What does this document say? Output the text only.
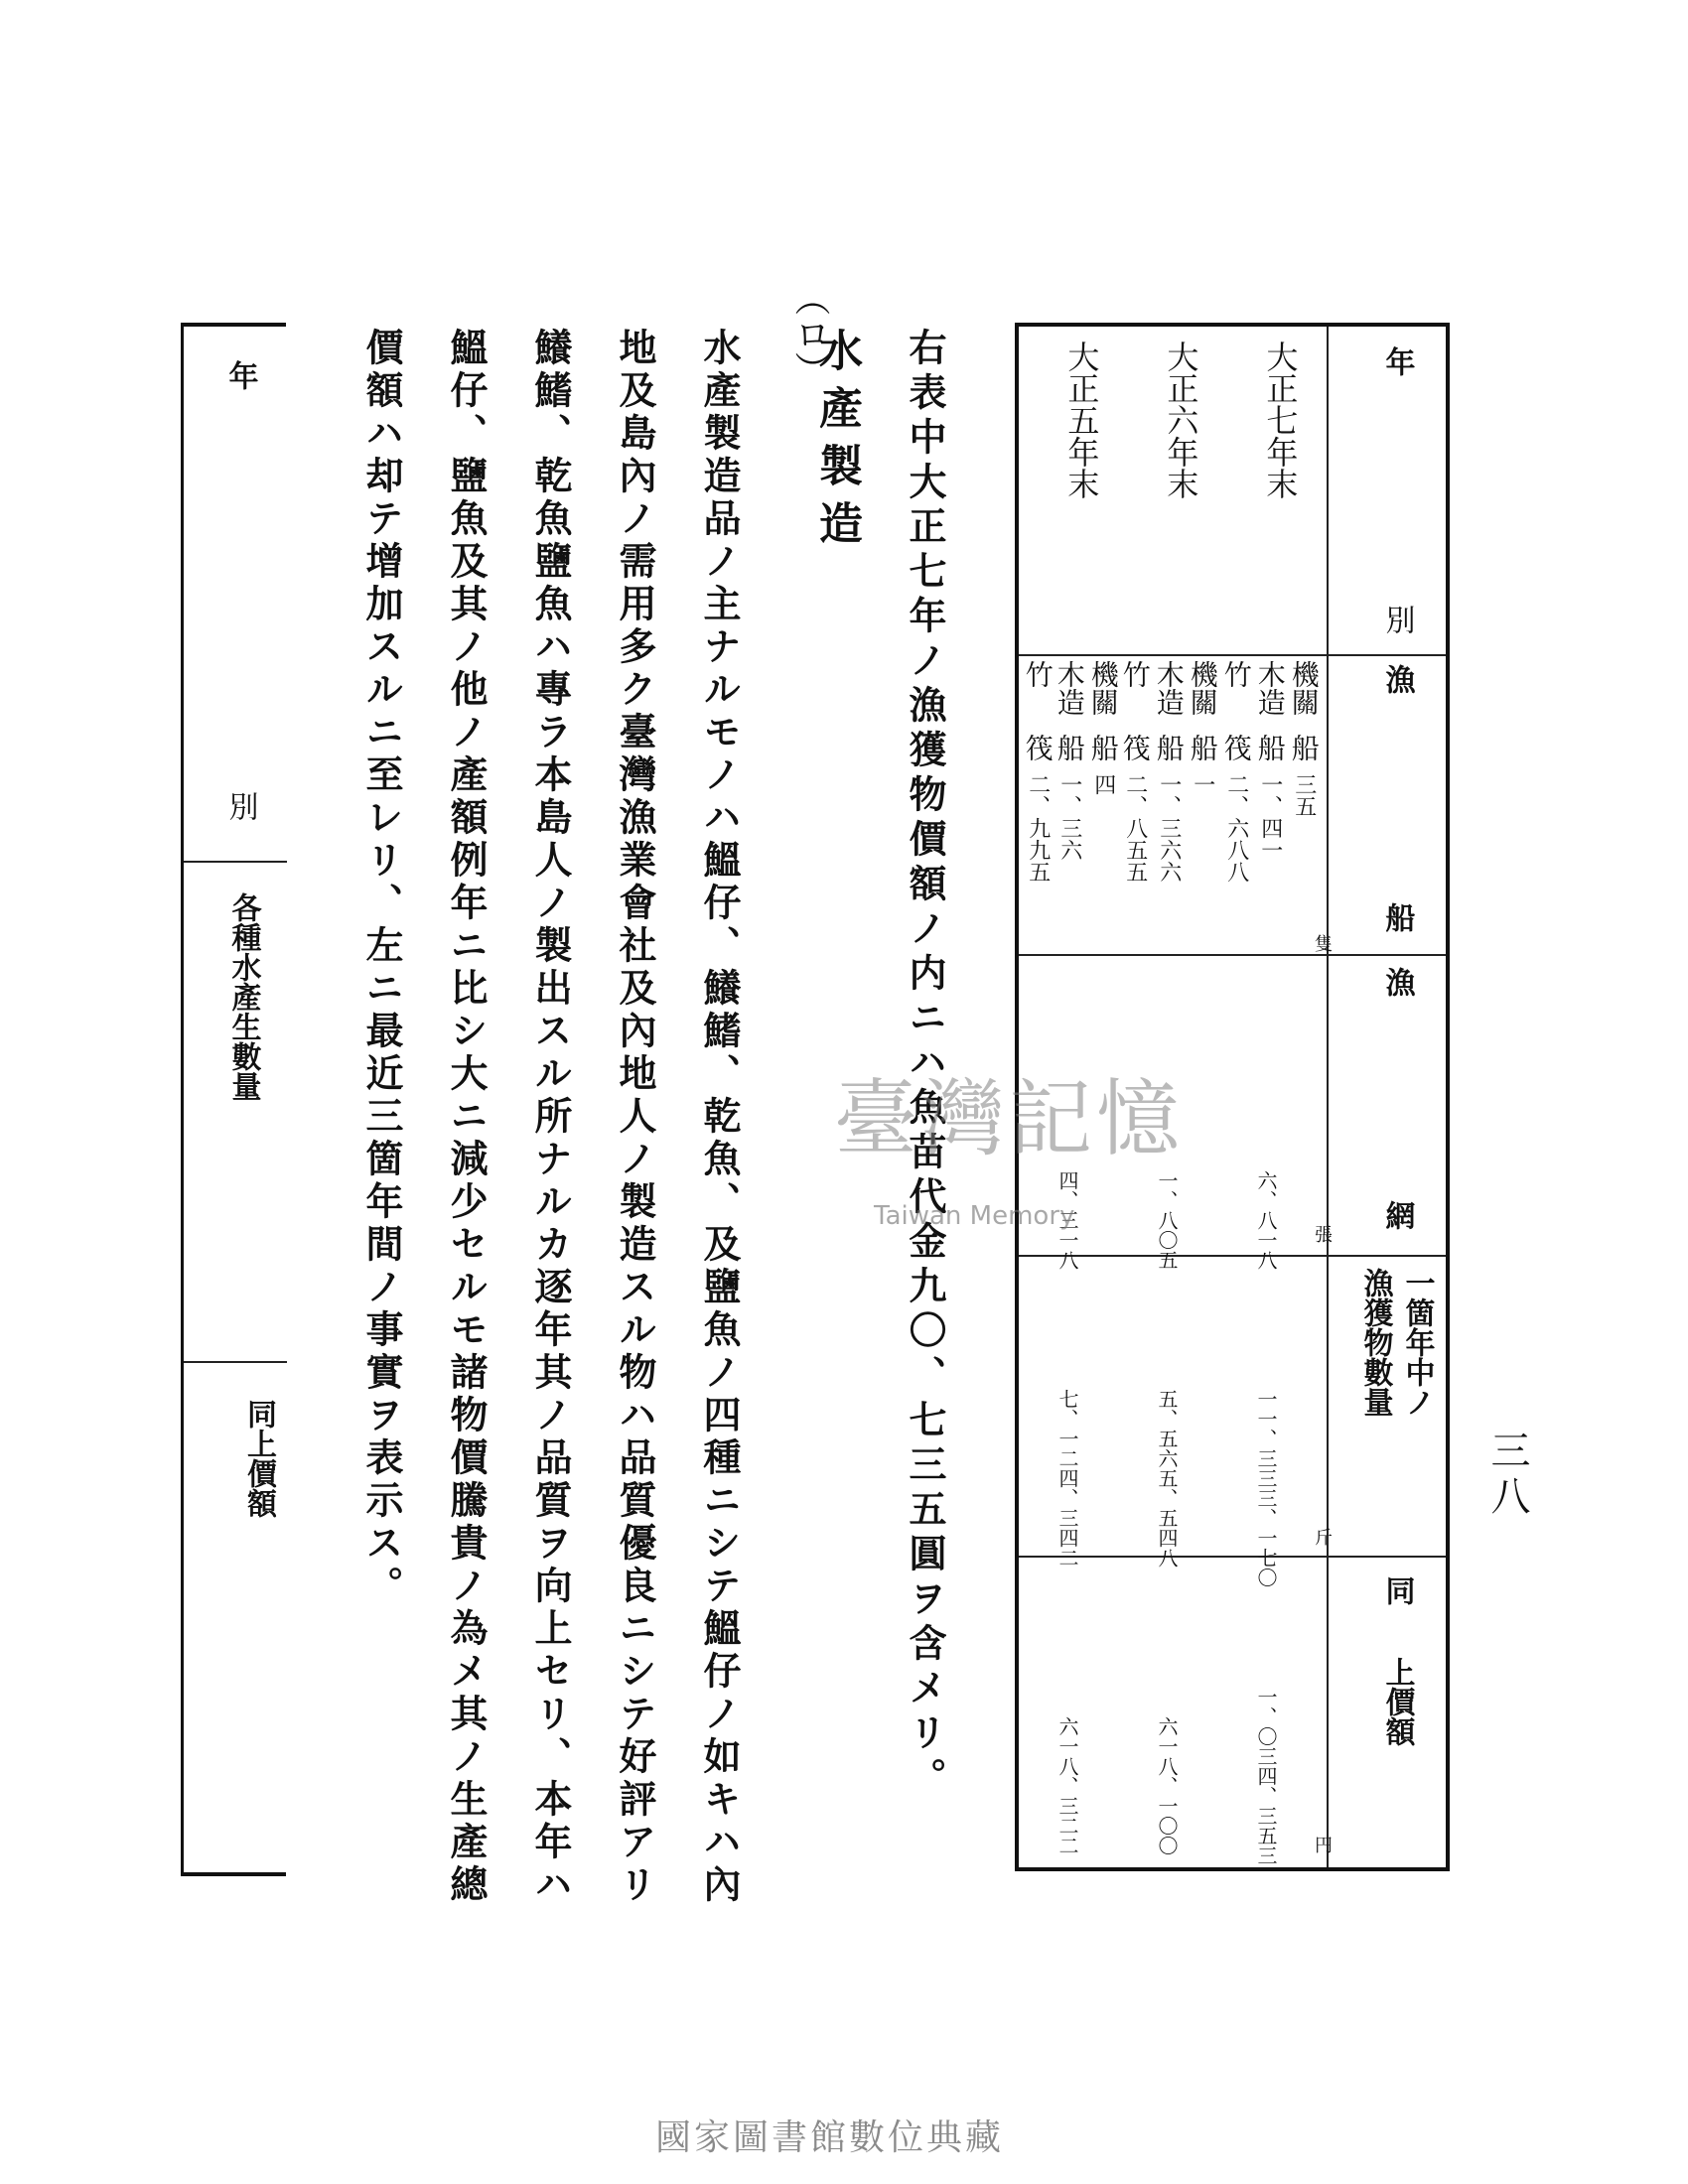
三八
年
別
漁
船
漁
網
張
一箇年中ノ
漁獲物數量
斤
同
上價額
円
隻
大正七年末
機關
船
木造
船
竹
筏
三五
一、四一
二、六八八
六、八一八
一一、三三三、一七〇
一、〇三四、三五三
大正六年末
機關
船
木造
船
竹
筏
一
一、三六六
二、八五五
一、八〇五
五、五六五、五四八
六一八、一〇〇
大正五年末
機關
船
木造
船
竹
筏
四
一、三六
二、九九五
四、三一八
七、一二四、三四二
六一八、三二二
右表中大正七年ノ漁獲物價額ノ内ニハ魚苗代金九〇、七三五圓ヲ含メリ。
（ロ）
水產製造
水產製造品ノ主ナルモノハ鰮仔、鱶鰭、乾魚、及鹽魚ノ四種ニシテ鰮仔ノ如キハ內
地及島內ノ需用多ク臺灣漁業會社及內地人ノ製造スル物ハ品質優良ニシテ好評アリ
鱶鰭、乾魚鹽魚ハ專ラ本島人ノ製出スル所ナルカ逐年其ノ品質ヲ向上セリ、本年ハ
鰮仔、鹽魚及其ノ他ノ產額例年ニ比シ大ニ減少セルモ諸物價騰貴ノ為メ其ノ生產總
價額ハ却テ增加スルニ至レリ、左ニ最近三箇年間ノ事實ヲ表示ス。
年
別
各種水產生數量
同上價額
臺灣記憶
Taiwan Memory
國家圖書館數位典藏
